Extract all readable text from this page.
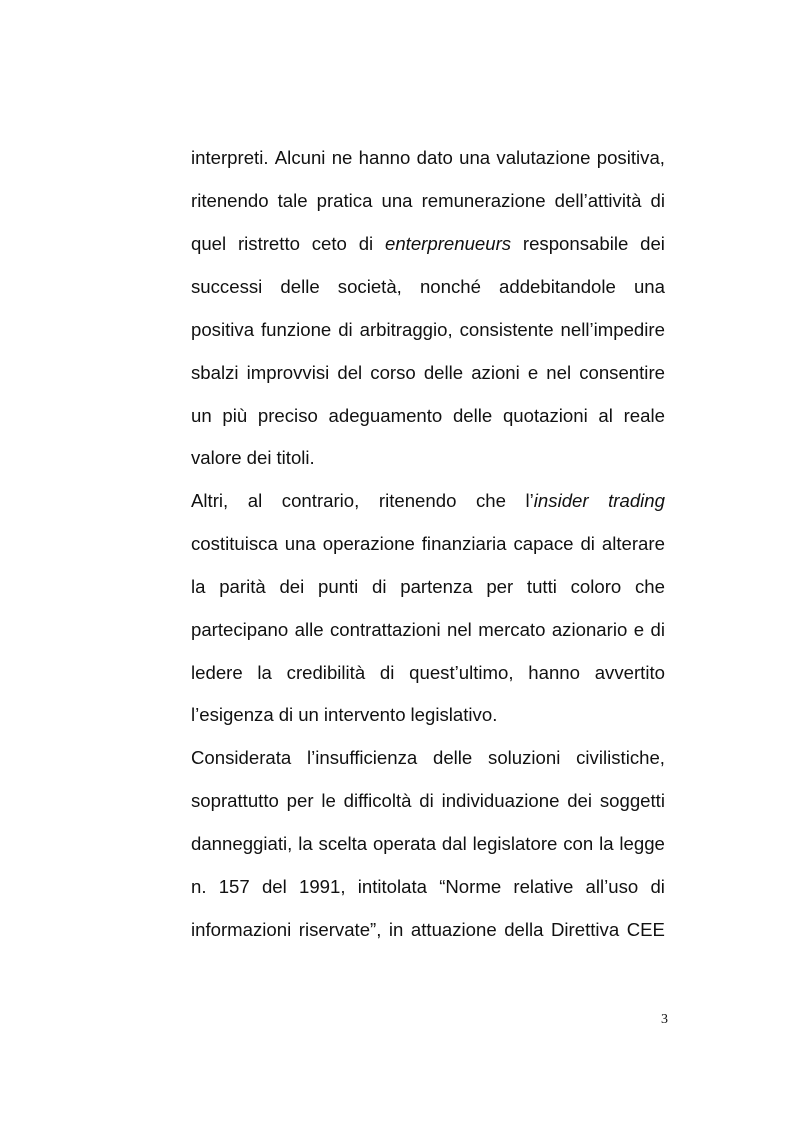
interpreti. Alcuni ne hanno dato una valutazione positiva,
ritenendo tale pratica una remunerazione dell’attività di
quel ristretto ceto di enterprenueurs responsabile dei
successi delle società, nonché addebitandole una
positiva funzione di arbitraggio, consistente nell’impedire
sbalzi improvvisi del corso delle azioni e nel consentire
un più preciso adeguamento delle quotazioni al reale
valore dei titoli.
Altri, al contrario, ritenendo che l’insider trading
costituisca una operazione finanziaria capace di alterare
la parità dei punti di partenza per tutti coloro che
partecipano alle contrattazioni nel mercato azionario e di
ledere la credibilità di quest’ultimo, hanno avvertito
l’esigenza di un intervento legislativo.
Considerata l’insufficienza delle soluzioni civilistiche,
soprattutto per le difficoltà di individuazione dei soggetti
danneggiati, la scelta operata dal legislatore con la legge
n. 157 del 1991, intitolata “Norme relative all’uso di
informazioni riservate”, in attuazione della Direttiva CEE
3
